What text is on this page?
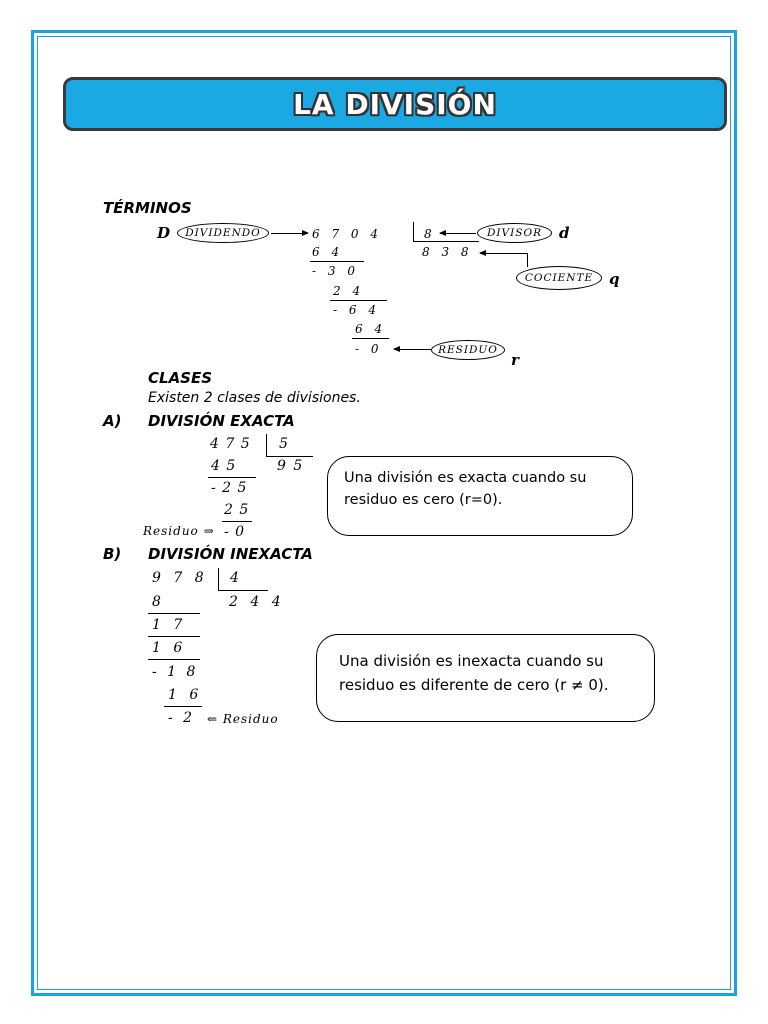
LA DIVISIÓN
TÉRMINOS
D DIVIDENDO	6 7 0 4	8	DIVISOR d
8 3 8
COCIENTE q
6 4
- 3 0
2 4
- 6 4
6 4
- 0	RESIDUO
r
CLASES
Existen 2 clases de divisiones.
A) DIVISIÓN EXACTA
4 7 5 5
9 5
4 5
- 2 5
2 5
- 0
Residuo ⇒
Una división es exacta cuando su residuo es cero (r=0).
B) DIVISIÓN INEXACTA
9 7 8 4
2 4 4
8
1 7
1 6
- 1 8
1 6
- 2 ⇐ Residuo
Una división es inexacta cuando su residuo es diferente de cero (r ≠ 0).
